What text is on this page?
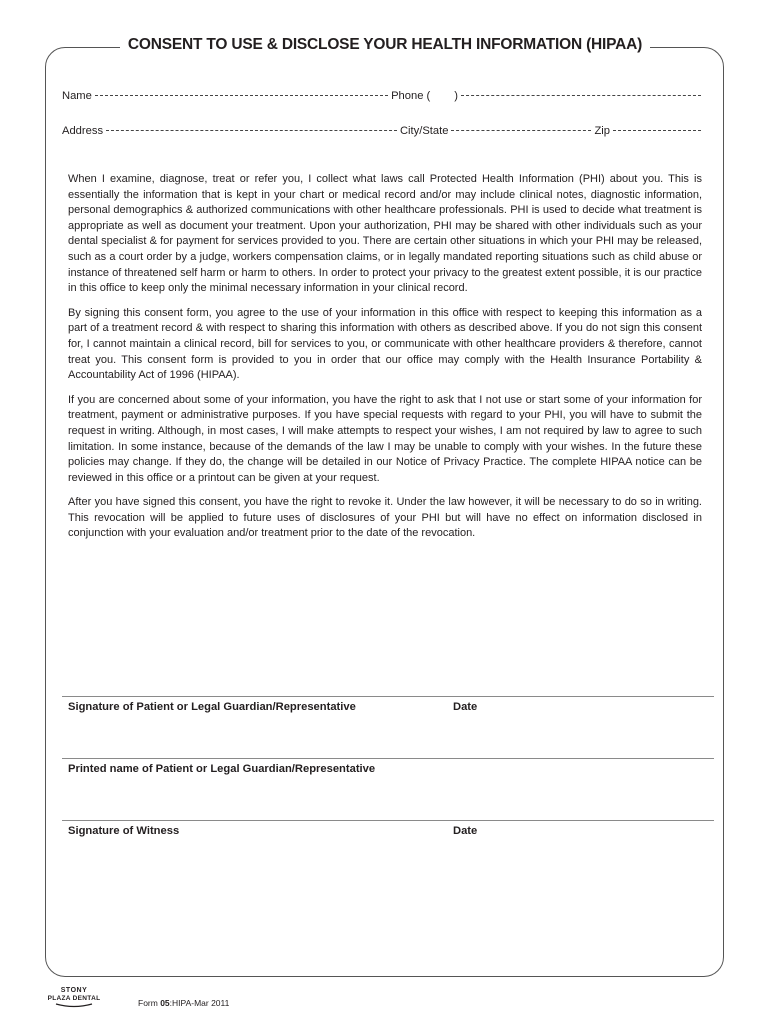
CONSENT TO USE & DISCLOSE YOUR HEALTH INFORMATION (HIPAA)
Name	Phone ( )
Address	City/State	Zip

When I examine, diagnose, treat or refer you, I collect what laws call Protected Health Information (PHI) about you. This is essentially the information that is kept in your chart or medical record and/or may include clinical notes, diagnostic information, personal demographics & authorized communications with other healthcare professionals. PHI is used to decide what treatment is appropriate as well as document your treatment. Upon your authorization, PHI may be shared with other individuals such as your dental specialist & for payment for services provided to you. There are certain other situations in which your PHI may be released, such as a court order by a judge, workers compensation claims, or in legally mandated reporting situations such as child abuse or instance of threatened self harm or harm to others. In order to protect your privacy to the greatest extent possible, it is our practice in this office to keep only the minimal necessary information in your clinical record.

By signing this consent form, you agree to the use of your information in this office with respect to keeping this information as a part of a treatment record & with respect to sharing this information with others as described above. If you do not sign this consent for, I cannot maintain a clinical record, bill for services to you, or communicate with other healthcare providers & therefore, cannot treat you. This consent form is provided to you in order that our office may comply with the Health Insurance Portability & Accountability Act of 1996 (HIPAA).

If you are concerned about some of your information, you have the right to ask that I not use or start some of your information for treatment, payment or administrative purposes. If you have special requests with regard to your PHI, you will have to submit the request in writing. Although, in most cases, I will make attempts to respect your wishes, I am not required by law to agree to such limitation. In some instance, because of the demands of the law I may be unable to comply with your wishes. In the future these policies may change. If they do, the change will be detailed in our Notice of Privacy Practice. The complete HIPAA notice can be reviewed in this office or a printout can be given at your request.

After you have signed this consent, you have the right to revoke it. Under the law however, it will be necessary to do so in writing. This revocation will be applied to future uses of disclosures of your PHI but will have no effect on information disclosed in conjunction with your evaluation and/or treatment prior to the date of the revocation.

Signature of Patient or Legal Guardian/Representative	Date
Printed name of Patient or Legal Guardian/Representative
Signature of Witness	Date
STONY
PLAZA DENTAL	Form 05:HIPA-Mar 2011
